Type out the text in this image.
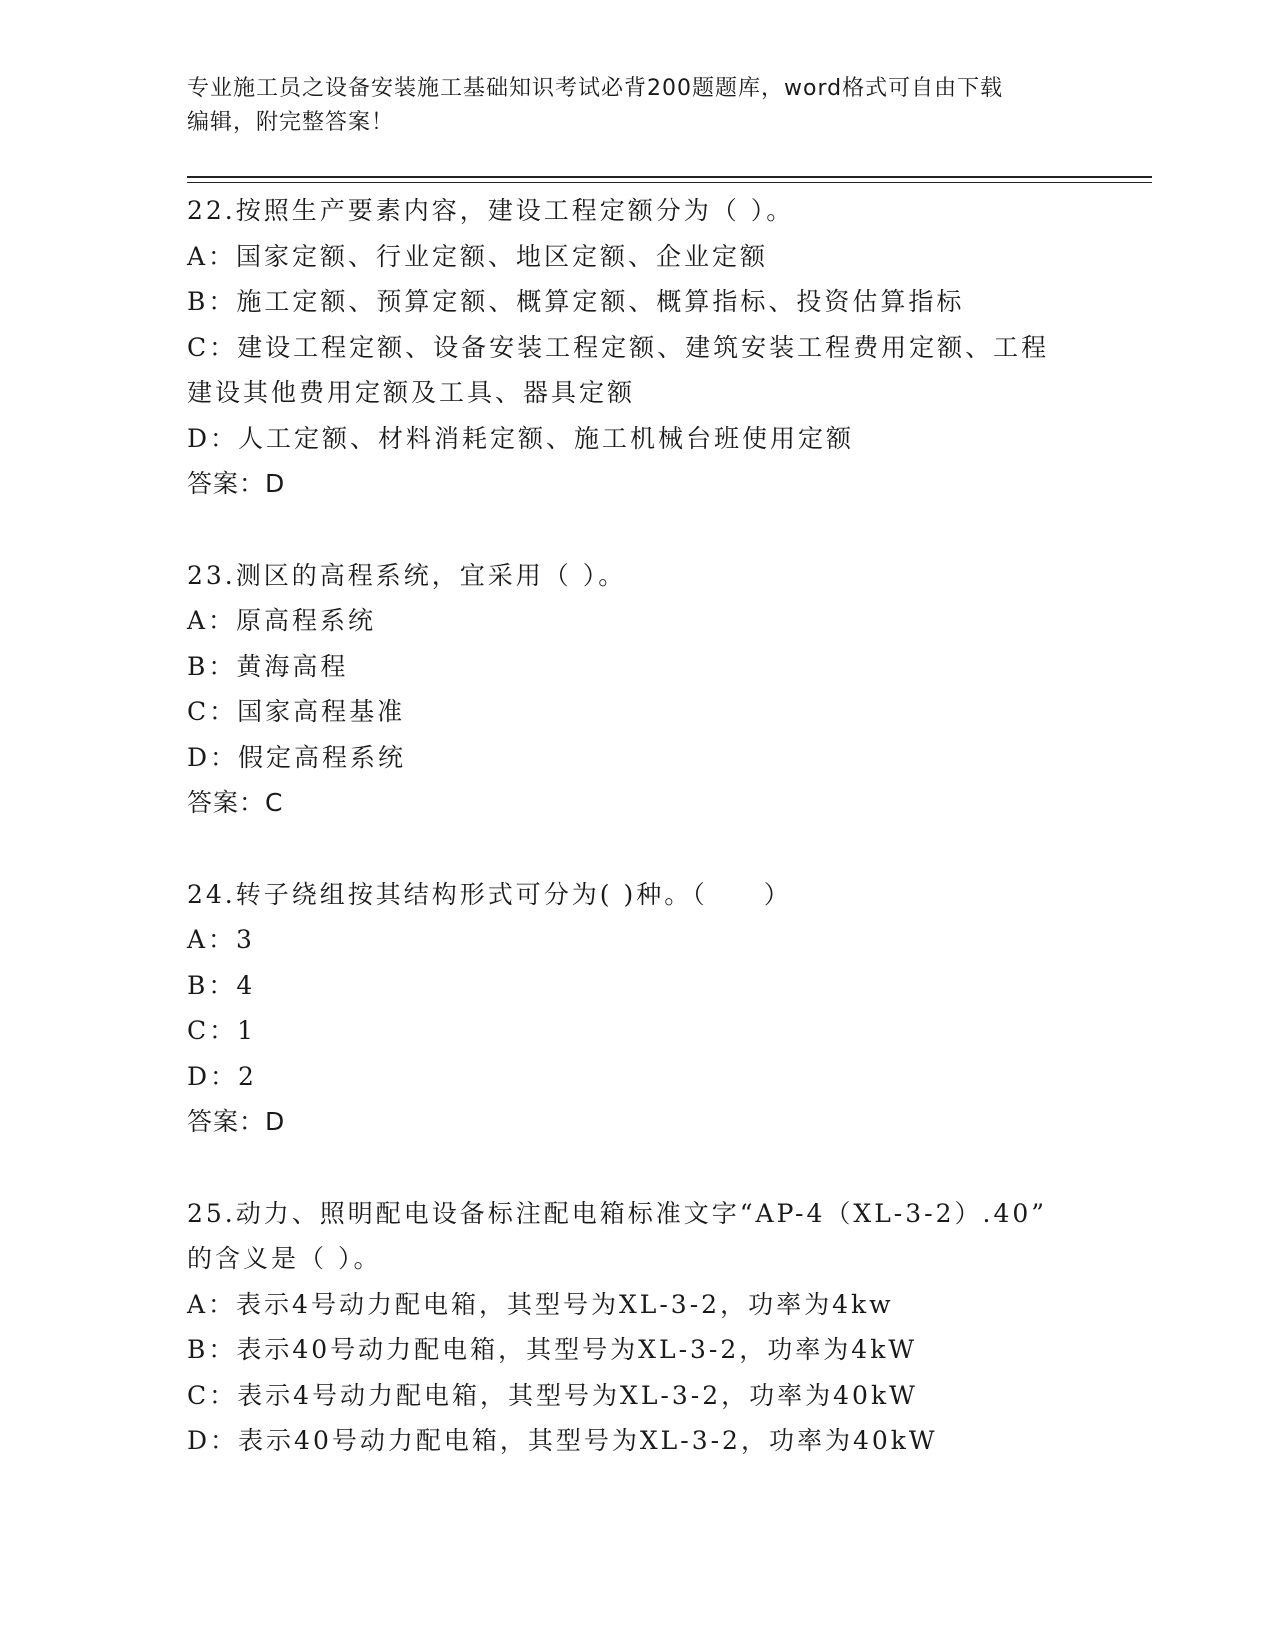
专业施工员之设备安装施工基础知识考试必背200题题库，word格式可自由下载
编辑，附完整答案！
22.按照生产要素内容，建设工程定额分为（ ）。
A：国家定额、行业定额、地区定额、企业定额
B：施工定额、预算定额、概算定额、概算指标、投资估算指标
C：建设工程定额、设备安装工程定额、建筑安装工程费用定额、工程
建设其他费用定额及工具、器具定额
D：人工定额、材料消耗定额、施工机械台班使用定额
答案：D
23.测区的高程系统，宜采用（ ）。
A：原高程系统
B：黄海高程
C：国家高程基准
D：假定高程系统
答案：C
24.转子绕组按其结构形式可分为( )种。（　　）
A：3
B：4
C：1
D：2
答案：D
25.动力、照明配电设备标注配电箱标准文字“AP-4（XL-3-2）.40”
的含义是（ ）。
A：表示4号动力配电箱，其型号为XL-3-2，功率为4kw
B：表示40号动力配电箱，其型号为XL-3-2，功率为4kW
C：表示4号动力配电箱，其型号为XL-3-2，功率为40kW
D：表示40号动力配电箱，其型号为XL-3-2，功率为40kW
